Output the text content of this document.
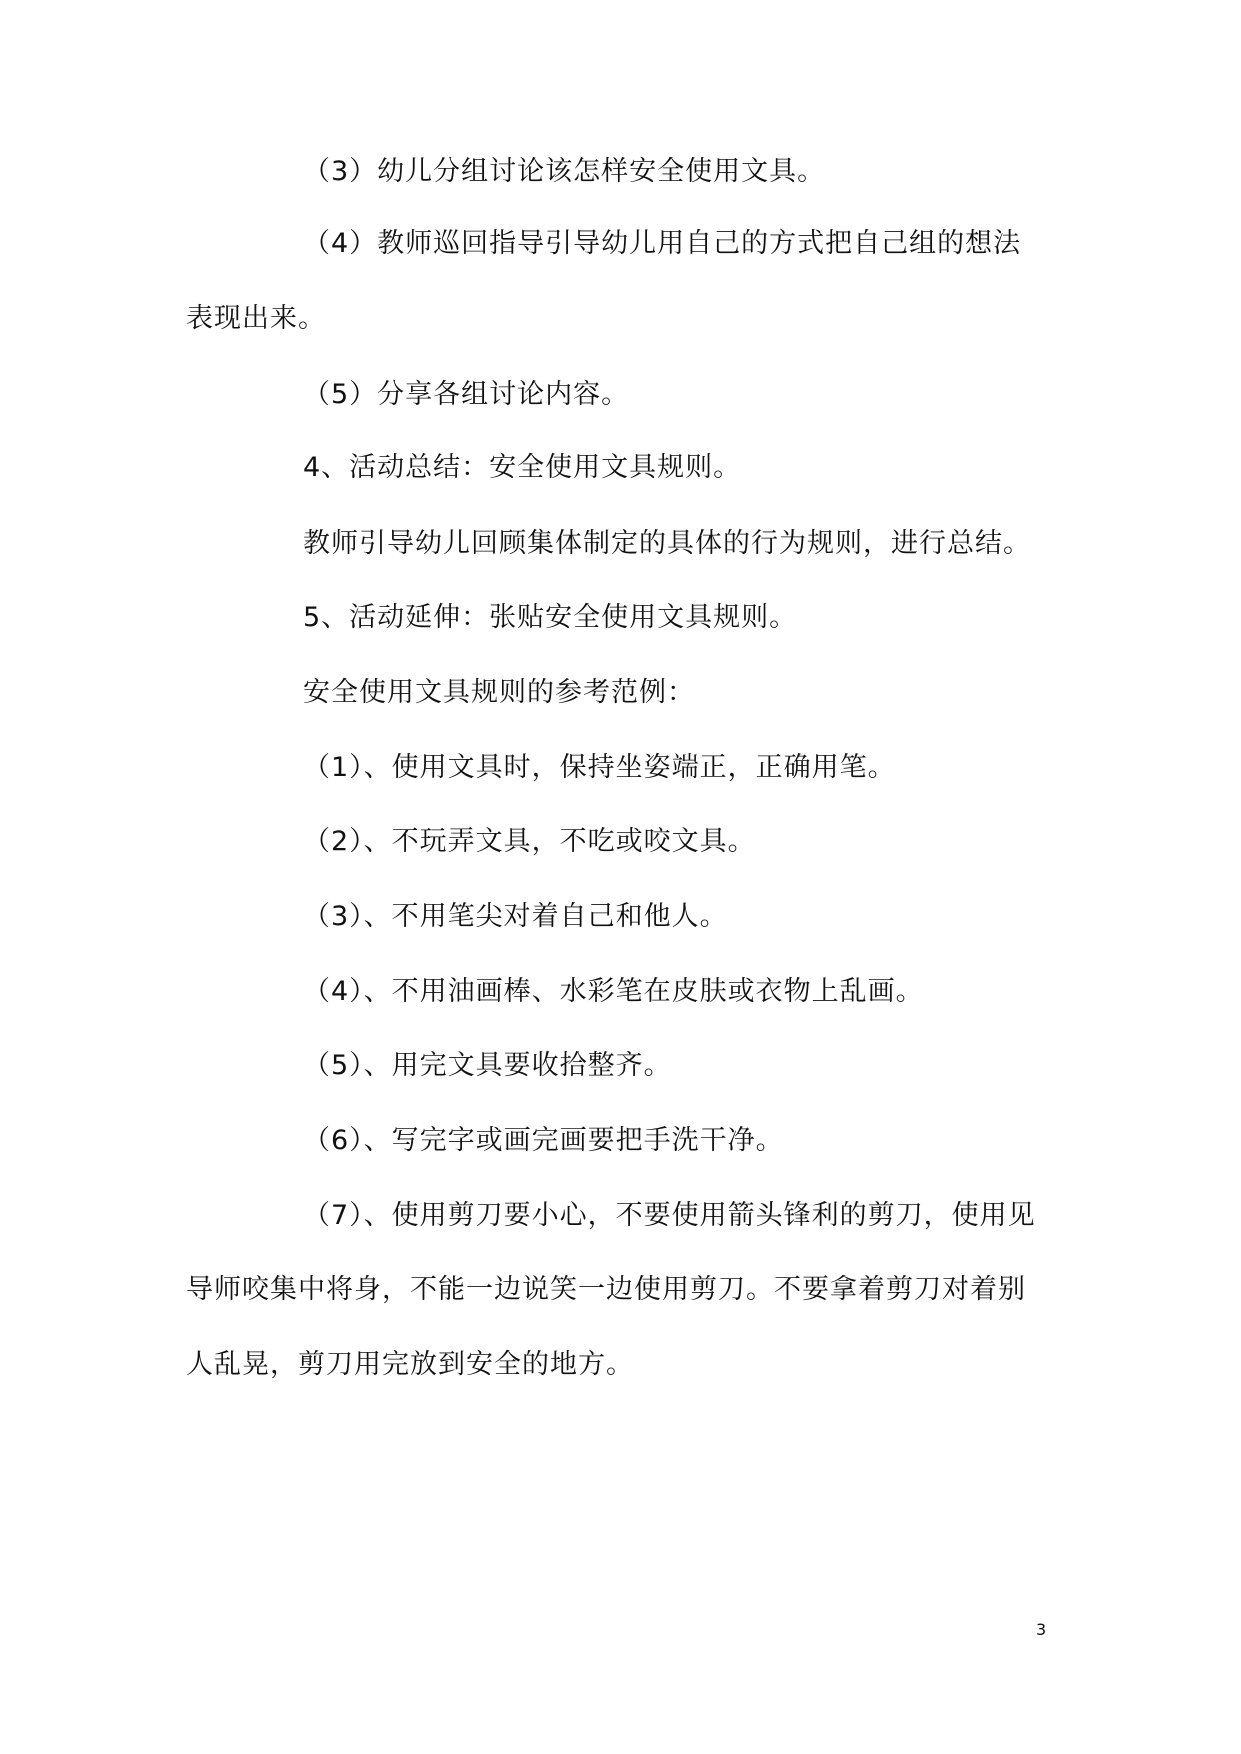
（3）幼儿分组讨论该怎样安全使用文具。
（4）教师巡回指导引导幼儿用自己的方式把自己组的想法
表现出来。
（5）分享各组讨论内容。
4、活动总结：安全使用文具规则。
教师引导幼儿回顾集体制定的具体的行为规则，进行总结。
5、活动延伸：张贴安全使用文具规则。
安全使用文具规则的参考范例：
（1）、使用文具时，保持坐姿端正，正确用笔。
（2）、不玩弄文具，不吃或咬文具。
（3）、不用笔尖对着自己和他人。
（4）、不用油画棒、水彩笔在皮肤或衣物上乱画。
（5）、用完文具要收拾整齐。
（6）、写完字或画完画要把手洗干净。
（7）、使用剪刀要小心，不要使用箭头锋利的剪刀，使用见
导师咬集中将身，不能一边说笑一边使用剪刀。不要拿着剪刀对着别
人乱晃，剪刀用完放到安全的地方。
3
